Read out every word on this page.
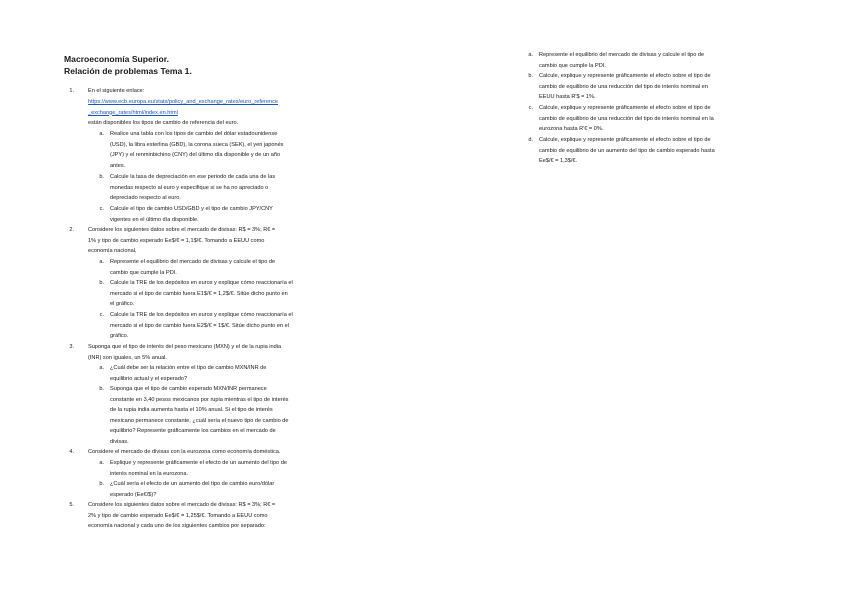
Macroeconomía Superior.
Relación de problemas Tema 1.
1.	En el siguiente enlace:
https://www.ecb.europa.eu/stats/policy_and_exchange_rates/euro_reference
_exchange_rates/html/index.en.html
están disponibles los tipos de cambio de referencia del euro.
a. Realice una tabla con los tipos de cambio del dólar estadounidense
(USD), la libra esterlina (GBD), la corona sueca (SEK), el yen japonés
(JPY) y el renminbichino (CNY) del último día disponible y de un año
antes.
b. Calcule la tasa de depreciación en ese periodo de cada una de las
monedas respecto al euro y especifique si se ha no apreciado o
depreciado respecto al euro.
c. Calcule el tipo de cambio USD/GBD y el tipo de cambio JPY/CNY
vigentes en el último día disponible.
2.	Considere los siguientes datos sobre el mercado de divisas: R$ = 3%; R€ =
1% y tipo de cambio esperado Ee$/€ = 1,1$/€. Tomando a EEUU como
economía nacional,
a. Represente el equilibrio del mercado de divisas y calcule el tipo de
cambio que cumple la PDI.
b. Calcule la TRE de los depósitos en euros y explique cómo reaccionaría el
mercado si el tipo de cambio fuera E1$/€ = 1,2$/€. Sitúe dicho punto en
el gráfico.
c. Calcule la TRE de los depósitos en euros y explique cómo reaccionaría el
mercado si el tipo de cambio fuera E2$/€ = 1$/€. Sitúe dicho punto en el
gráfico.
3.	Suponga que el tipo de interés del peso mexicano (MXN) y el de la rupia india
(INR) son iguales, un 5% anual.
a. ¿Cuál debe ser la relación entre el tipo de cambio MXN/INR de
equilibrio actual y el esperado?
b. Suponga que el tipo de cambio esperado MXN/INR permanece
constante en 3,40 pesos mexicanos por rupia mientras el tipo de interés
de la rupia india aumenta hasta el 10% anual. Si el tipo de interés
mexicano permanece constante, ¿cuál sería el nuevo tipo de cambio de
equilibrio? Represente gráficamente los cambios en el mercado de
divisas.
4.	Considere el mercado de divisas con la eurozona como economía doméstica.
a. Explique y represente gráficamente el efecto de un aumento del tipo de
interés nominal en la eurozona.
b. ¿Cuál sería el efecto de un aumento del tipo de cambio euro/dólar
esperado (Ee€/$)?
5.	Considere los siguientes datos sobre el mercado de divisas: R$ = 3%; R€ =
2% y tipo de cambio esperado Ee$/€ = 1,25$/€. Tomando a EEUU como
economía nacional y cada uno de los siguientes cambios por separado:
a. Represente el equilibrio del mercado de divisas y calcule el tipo de
cambio que cumple la PDI.
b. Calcule, explique y represente gráficamente el efecto sobre el tipo de
cambio de equilibrio de una reducción del tipo de interés nominal en
EEUU hasta R'$ = 1%.
c. Calcule, explique y represente gráficamente el efecto sobre el tipo de
cambio de equilibrio de una reducción del tipo de interés nominal en la
eurozona hasta R'€ = 0%.
d. Calcule, explique y represente gráficamente el efecto sobre el tipo de
cambio de equilibrio de un aumento del tipo de cambio esperado hasta
Ee$/€ = 1,3$/€.
